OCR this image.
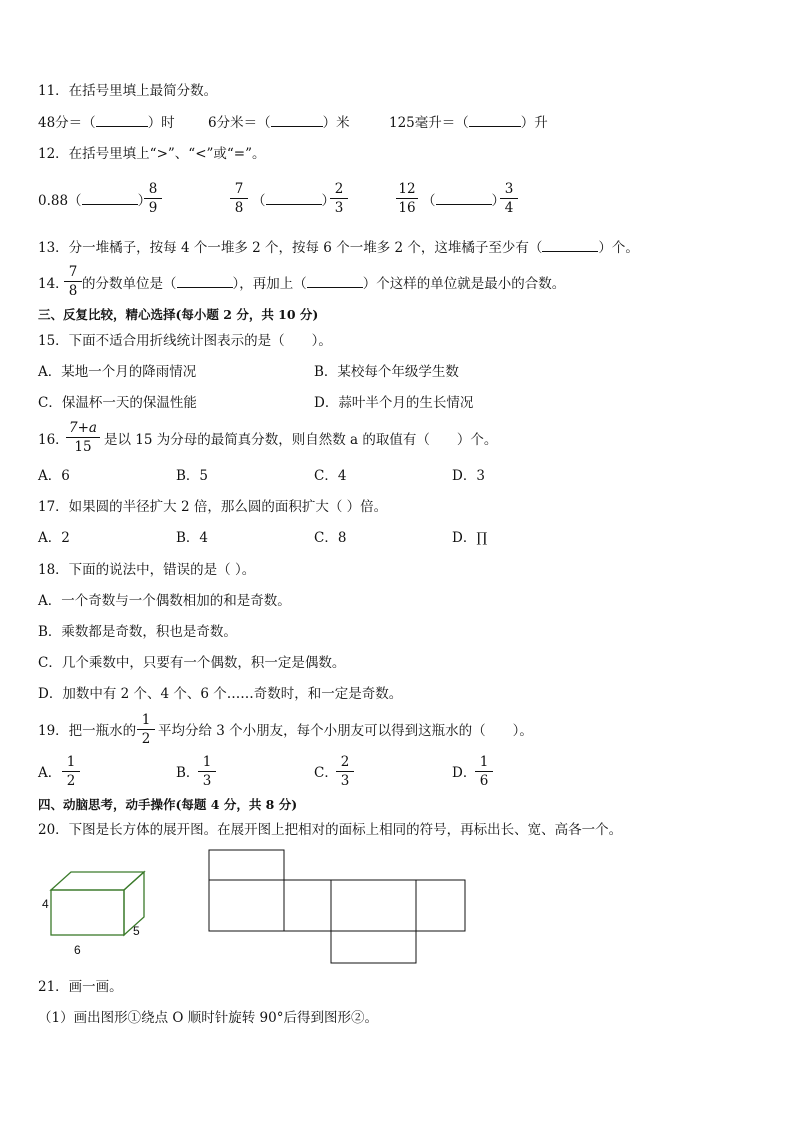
11．在括号里填上最简分数。
48分＝（	）时 6分米＝（	）米	125毫升＝（	）升
12．在括号里填上“>”、“<”或“=”。
0.88（	）
8
9
7
8 （	）
2
3
12
16 （	）
3
4
13．分一堆橘子，按每 4 个一堆多 2 个，按每 6 个一堆多 2 个，这堆橘子至少有（	）个。
14．
7
8 的分数单位是（	），再加上（	）个这样的单位就是最小的合数。
三、反复比较，精心选择(每小题 2 分，共 10 分)
15．下面不适合用折线统计图表示的是（　　）。
A．某地一个月的降雨情况	B．某校每个年级学生数
C．保温杯一天的保温性能	D．蒜叶半个月的生长情况
16．
7+a
15 是以 15 为分母的最简真分数，则自然数 a 的取值有（　　）个。
A．6	B．5	C．4	D．3
17．如果圆的半径扩大 2 倍，那么圆的面积扩大（ ）倍。
A．2	B．4	C．8	D．∏
18．下面的说法中，错误的是（ ）。
A．一个奇数与一个偶数相加的和是奇数。
B．乘数都是奇数，积也是奇数。
C．几个乘数中，只要有一个偶数，积一定是偶数。
D．加数中有 2 个、4 个、6 个……奇数时，和一定是奇数。
19．把一瓶水的
1
2 平均分给 3 个小朋友，每个小朋友可以得到这瓶水的（　　）。
A．
1
2	B．
1
3	C．
2
3	D．
1
6
四、动脑思考，动手操作(每题 4 分，共 8 分)
20．下图是长方体的展开图。在展开图上把相对的面标上相同的符号，再标出长、宽、高各一个。
4
6
5
21．画一画。
（1）画出图形①绕点 O 顺时针旋转 90°后得到图形②。
